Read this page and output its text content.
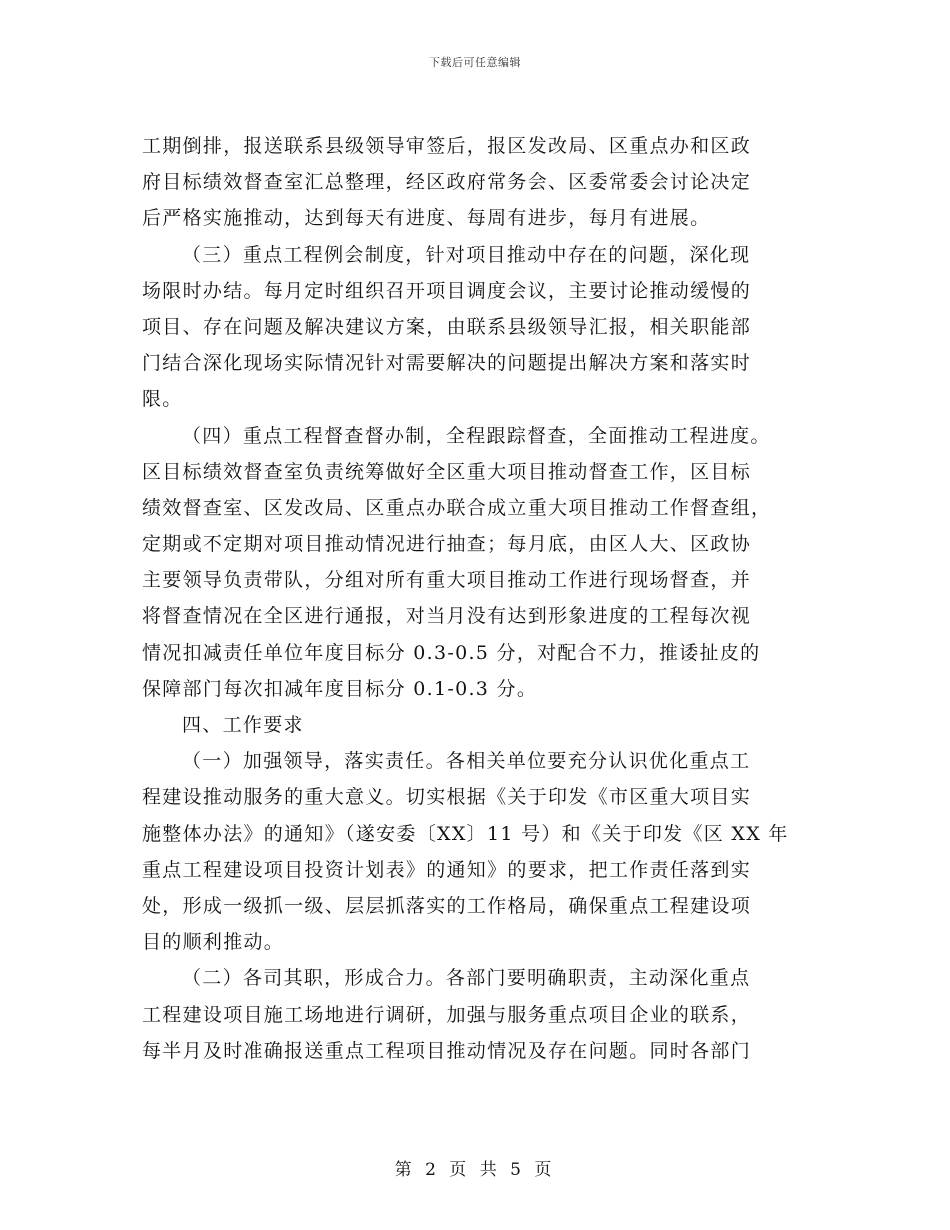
下载后可任意编辑
工期倒排，报送联系县级领导审签后，报区发改局、区重点办和区政
府目标绩效督查室汇总整理，经区政府常务会、区委常委会讨论决定
后严格实施推动，达到每天有进度、每周有进步，每月有进展。
（三）重点工程例会制度，针对项目推动中存在的问题，深化现
场限时办结。每月定时组织召开项目调度会议，主要讨论推动缓慢的
项目、存在问题及解决建议方案，由联系县级领导汇报，相关职能部
门结合深化现场实际情况针对需要解决的问题提出解决方案和落实时
限。
（四）重点工程督查督办制，全程跟踪督查，全面推动工程进度。
区目标绩效督查室负责统筹做好全区重大项目推动督查工作，区目标
绩效督查室、区发改局、区重点办联合成立重大项目推动工作督查组，
定期或不定期对项目推动情况进行抽查；每月底，由区人大、区政协
主要领导负责带队，分组对所有重大项目推动工作进行现场督查，并
将督查情况在全区进行通报，对当月没有达到形象进度的工程每次视
情况扣减责任单位年度目标分 0.3-0.5 分，对配合不力，推诿扯皮的
保障部门每次扣减年度目标分 0.1-0.3 分。
四、工作要求
（一）加强领导，落实责任。各相关单位要充分认识优化重点工
程建设推动服务的重大意义。切实根据《关于印发《市区重大项目实
施整体办法》的通知》（遂安委〔XX〕11 号）和《关于印发《区 XX 年
重点工程建设项目投资计划表》的通知》的要求，把工作责任落到实
处，形成一级抓一级、层层抓落实的工作格局，确保重点工程建设项
目的顺利推动。
（二）各司其职，形成合力。各部门要明确职责，主动深化重点
工程建设项目施工场地进行调研，加强与服务重点项目企业的联系，
每半月及时准确报送重点工程项目推动情况及存在问题。同时各部门
第 2 页 共 5 页
